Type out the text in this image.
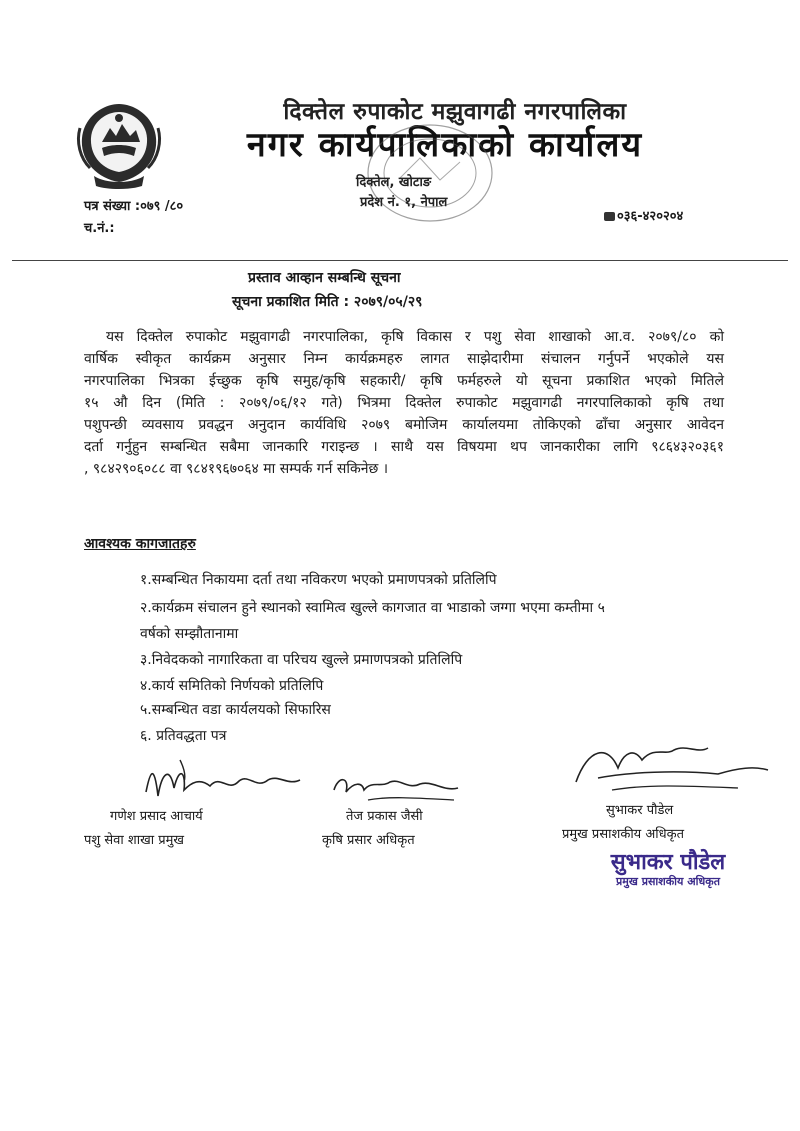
दिक्तेल रुपाकोट मझुवागढी नगरपालिका
नगर कार्यपालिकाको कार्यालय
दिक्तेल, खोटाङ
प्रदेश नं. १, नेपाल
पत्र संख्या :०७९ /८०
च.नं.:
०३६-४२०२०४
प्रस्ताव आव्हान सम्बन्धि सूचना
सूचना प्रकाशित मिति : २०७९/०५/२९
यस दिक्तेल रुपाकोट मझुवागढी नगरपालिका, कृषि विकास र पशु सेवा शाखाको आ.व. २०७९/८० को
वार्षिक स्वीकृत कार्यक्रम अनुसार निम्न कार्यक्रमहरु लागत साझेदारीमा संचालन गर्नुपर्ने भएकोले यस
नगरपालिका भित्रका ईच्छुक कृषि समुह/कृषि सहकारी/ कृषि फर्महरुले यो सूचना प्रकाशित भएको मितिले
१५ औ दिन (मिति : २०७९/०६/१२ गते) भित्रमा दिक्तेल रुपाकोट मझुवागढी नगरपालिकाको कृषि तथा
पशुपन्छी व्यवसाय प्रवद्धन अनुदान कार्यविधि २०७९ बमोजिम कार्यालयमा तोकिएको ढाँचा अनुसार आवेदन
दर्ता गर्नुहुन सम्बन्धित सबैमा जानकारि गराइन्छ । साथै यस विषयमा थप जानकारीका लागि ९८६४३२०३६१
, ९८४२९०६०८८ वा ९८४१९६७०६४ मा सम्पर्क गर्न सकिनेछ ।
आवश्यक कागजातहरु
१.सम्बन्धित निकायमा दर्ता तथा नविकरण भएको प्रमाणपत्रको प्रतिलिपि
२.कार्यक्रम संचालन हुने स्थानको स्वामित्व खुल्ले कागजात वा भाडाको जग्गा भएमा कम्तीमा ५
वर्षको सम्झौतानामा
३.निवेदकको नागारिकता वा परिचय खुल्ले प्रमाणपत्रको प्रतिलिपि
४.कार्य समितिको निर्णयको प्रतिलिपि
५.सम्बन्धित वडा कार्यलयको सिफारिस
६. प्रतिवद्धता पत्र
गणेश प्रसाद आचार्य
पशु सेवा शाखा प्रमुख
तेज प्रकास जैसी
कृषि प्रसार अधिकृत
सुभाकर पौडेल
प्रमुख प्रसाशकीय अधिकृत
सुभाकर पौडेल
प्रमुख प्रसाशकीय अधिकृत
